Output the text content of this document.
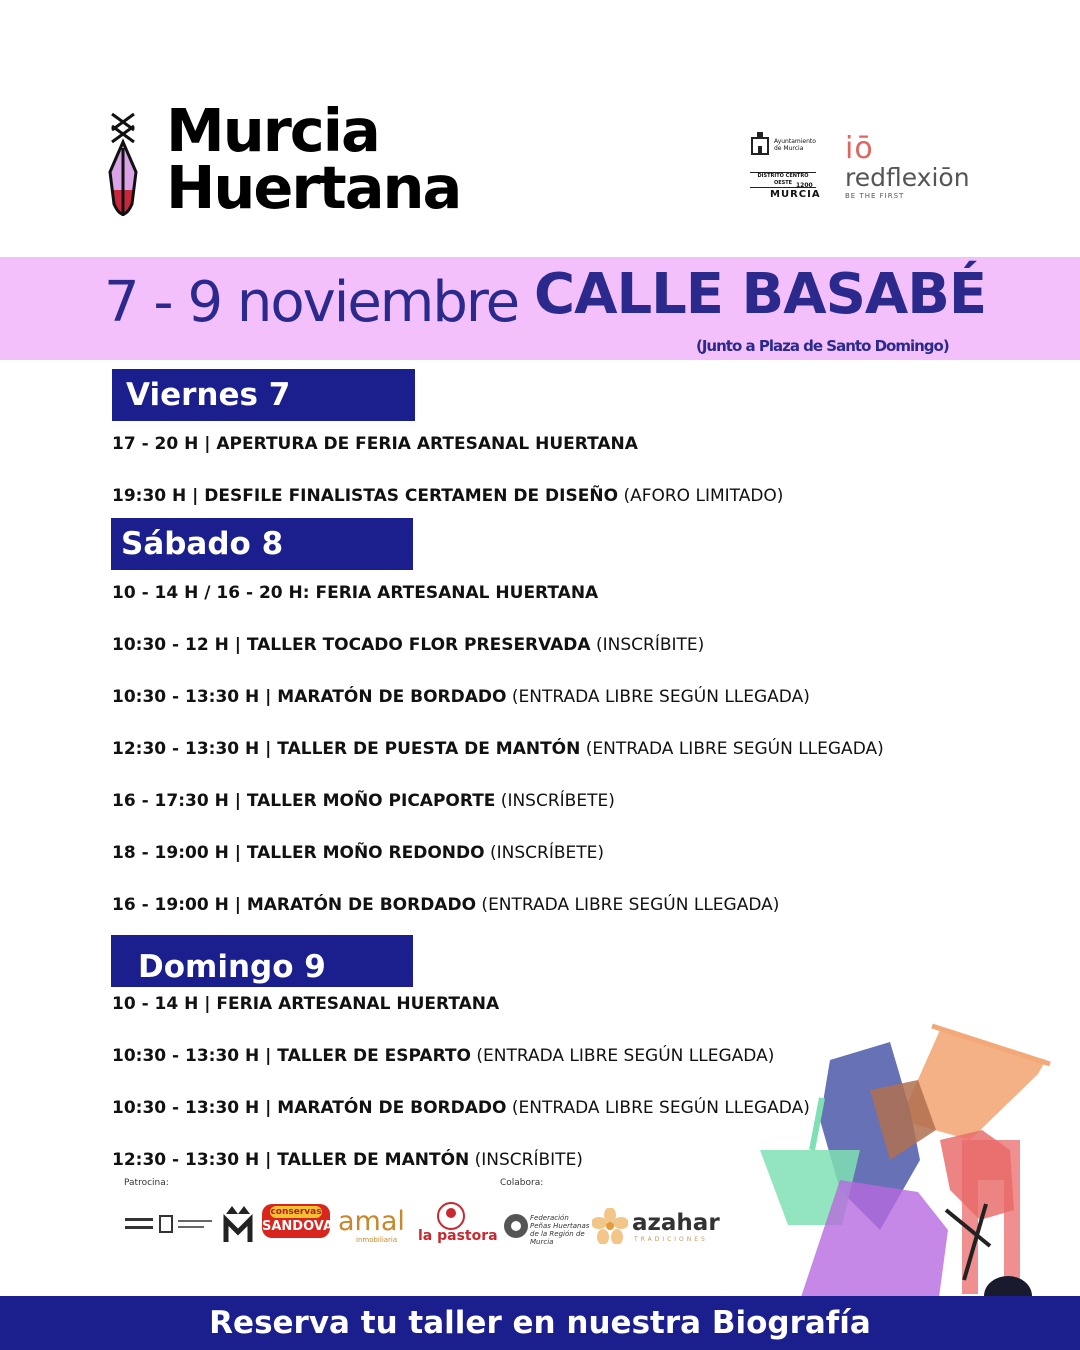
Murcia
Huertana
Ayuntamiento
de Murcia
DISTRITO CENTRO OESTE 1200
MURCIA
iō
redflexiōn
BE THE FIRST
7 - 9 noviembre CALLE BASABÉ
(Junto a Plaza de Santo Domingo)
Viernes 7
17 - 20 H | APERTURA DE FERIA ARTESANAL HUERTANA
19:30 H | DESFILE FINALISTAS CERTAMEN DE DISEÑO (AFORO LIMITADO)
Sábado 8
10 - 14 H / 16 - 20 H: FERIA ARTESANAL HUERTANA
10:30 - 12 H | TALLER TOCADO FLOR PRESERVADA (INSCRÍBITE)
10:30 - 13:30 H | MARATÓN DE BORDADO (ENTRADA LIBRE SEGÚN LLEGADA)
12:30 - 13:30 H | TALLER DE PUESTA DE MANTÓN (ENTRADA LIBRE SEGÚN LLEGADA)
16 - 17:30 H | TALLER MOÑO PICAPORTE (INSCRÍBETE)
18 - 19:00 H | TALLER MOÑO REDONDO (INSCRÍBETE)
16 - 19:00 H | MARATÓN DE BORDADO (ENTRADA LIBRE SEGÚN LLEGADA)
Domingo 9
10 - 14 H | FERIA ARTESANAL HUERTANA
10:30 - 13:30 H | TALLER DE ESPARTO (ENTRADA LIBRE SEGÚN LLEGADA)
10:30 - 13:30 H | MARATÓN DE BORDADO (ENTRADA LIBRE SEGÚN LLEGADA)
12:30 - 13:30 H | TALLER DE MANTÓN (INSCRÍBITE)
Patrocina:	Colabora:
conservas
SANDOVAL
amal
inmobiliaria la pastora
Federación Peñas Huertanas de la Región de Murcia
azahar
TRADICIONES
Reserva tu taller en nuestra Biografía
